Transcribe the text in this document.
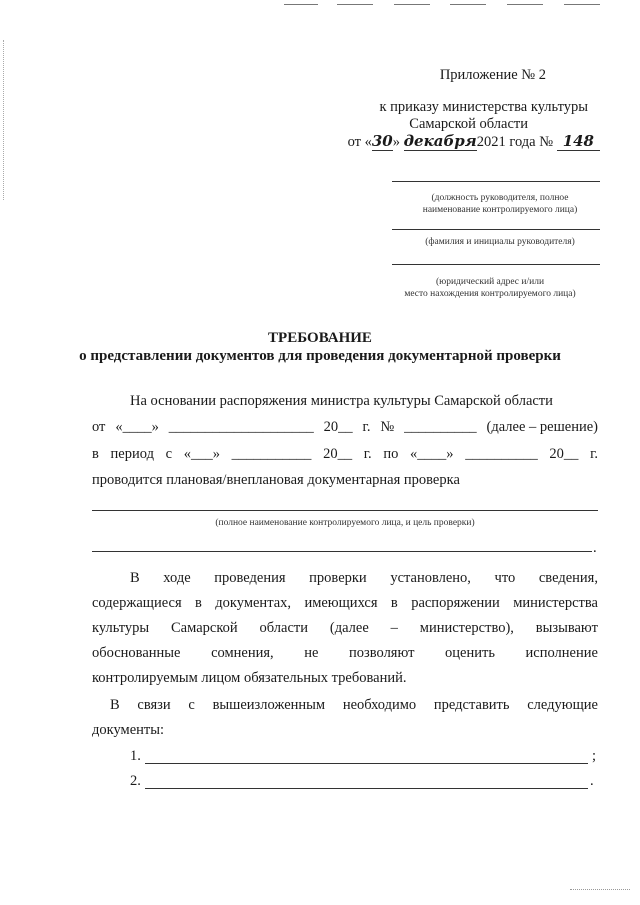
Приложение № 2
к приказу министерства культуры
Самарской области
от «30» декабря2021 года № 148
(должность руководителя, полное
наименование контролируемого лица)
(фамилия и инициалы руководителя)
(юридический адрес и/или
место нахождения контролируемого лица)
ТРЕБОВАНИЕ
о представлении документов для проведения документарной проверки
На основании распоряжения министра культуры Самарской области
от «____» ____________________ 20__ г. № __________ (далее – решение)
в период с «___» ___________ 20__ г. по «____» __________ 20__ г.
проводится плановая/внеплановая документарная проверка
(полное наименование контролируемого лица, и цель проверки)
.
В ходе проведения проверки установлено, что сведения,
содержащиеся в документах, имеющихся в распоряжении министерства
культуры Самарской области (далее – министерство), вызывают
обоснованные сомнения, не позволяют оценить исполнение
контролируемым лицом обязательных требований.
В связи с вышеизложенным необходимо представить следующие
документы:
1.	;
2.	.
